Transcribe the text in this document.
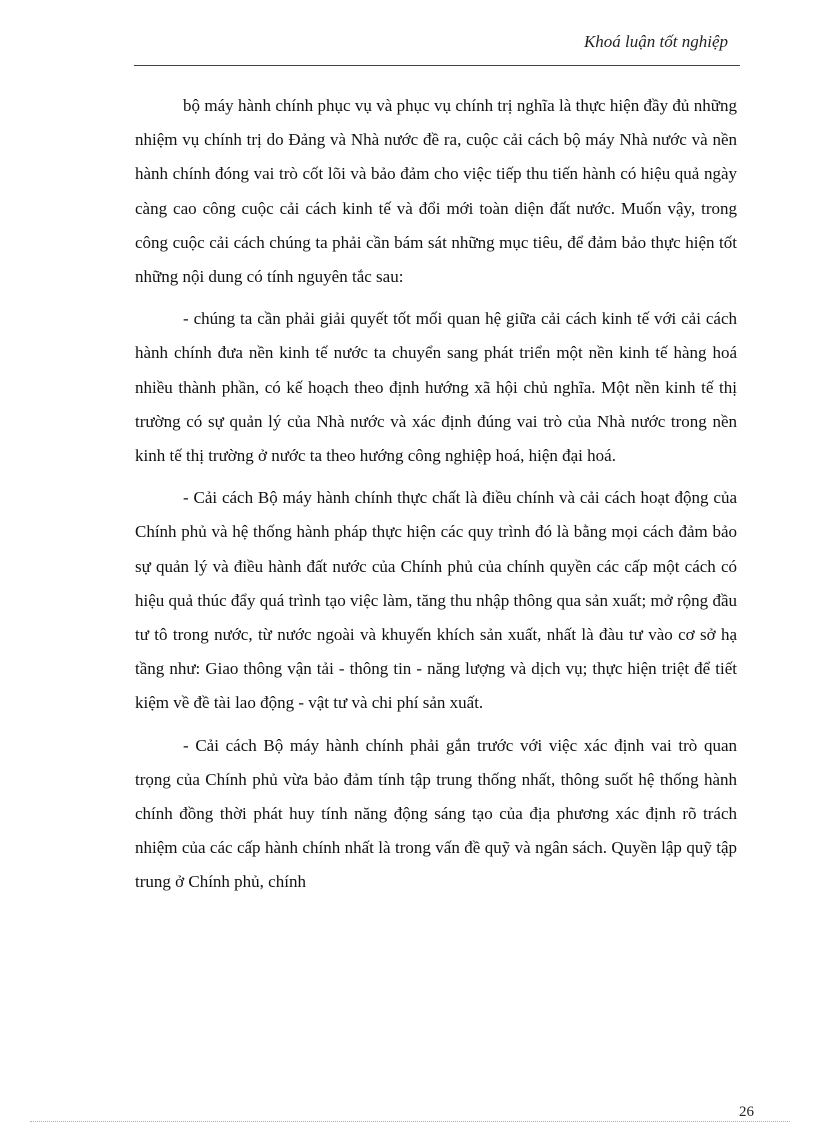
Khoá luận tốt nghiệp

bộ máy hành chính phục vụ và phục vụ chính trị nghĩa là thực hiện đầy đủ những nhiệm vụ chính trị do Đảng và Nhà nước đề ra, cuộc cải cách bộ máy Nhà nước và nền hành chính đóng vai trò cốt lõi và bảo đảm cho việc tiếp thu tiến hành có hiệu quả ngày càng cao công cuộc cải cách kinh tế và đổi mới toàn diện đất nước. Muốn vậy, trong công cuộc cải cách chúng ta phải cần bám sát những mục tiêu, để đảm bảo thực hiện tốt những nội dung có tính nguyên tắc sau:

- chúng ta cần phải giải quyết tốt mối quan hệ giữa cải cách kinh tế với cải cách hành chính đưa nền kinh tế nước ta chuyển sang phát triển một nền kinh tế hàng hoá nhiều thành phần, có kế hoạch theo định hướng xã hội chủ nghĩa. Một nền kinh tế thị trường có sự quản lý của Nhà nước và xác định đúng vai trò của Nhà nước trong nền kinh tế thị trường ở nước ta theo hướng công nghiệp hoá, hiện đại hoá.

- Cải cách Bộ máy hành chính thực chất là điều chính và cải cách hoạt động của Chính phủ và hệ thống hành pháp thực hiện các quy trình đó là bằng mọi cách đảm bảo sự quản lý và điều hành đất nước của Chính phủ của chính quyền các cấp một cách có hiệu quả thúc đẩy quá trình tạo việc làm, tăng thu nhập thông qua sản xuất; mở rộng đầu tư tô trong nước, từ nước ngoài và khuyến khích sản xuất, nhất là đàu tư vào cơ sở hạ tầng như: Giao thông vận tải - thông tin - năng lượng và dịch vụ; thực hiện triệt để tiết kiệm về đề tài lao động - vật tư và chi phí sản xuất.

- Cải cách Bộ máy hành chính phải gắn trước với việc xác định vai trò quan trọng của Chính phủ vừa bảo đảm tính tập trung thống nhất, thông suốt hệ thống hành chính đồng thời phát huy tính năng động sáng tạo của địa phương xác định rõ trách nhiệm của các cấp hành chính nhất là trong vấn đề quỹ và ngân sách. Quyền lập quỹ tập trung ở Chính phủ, chính

26
